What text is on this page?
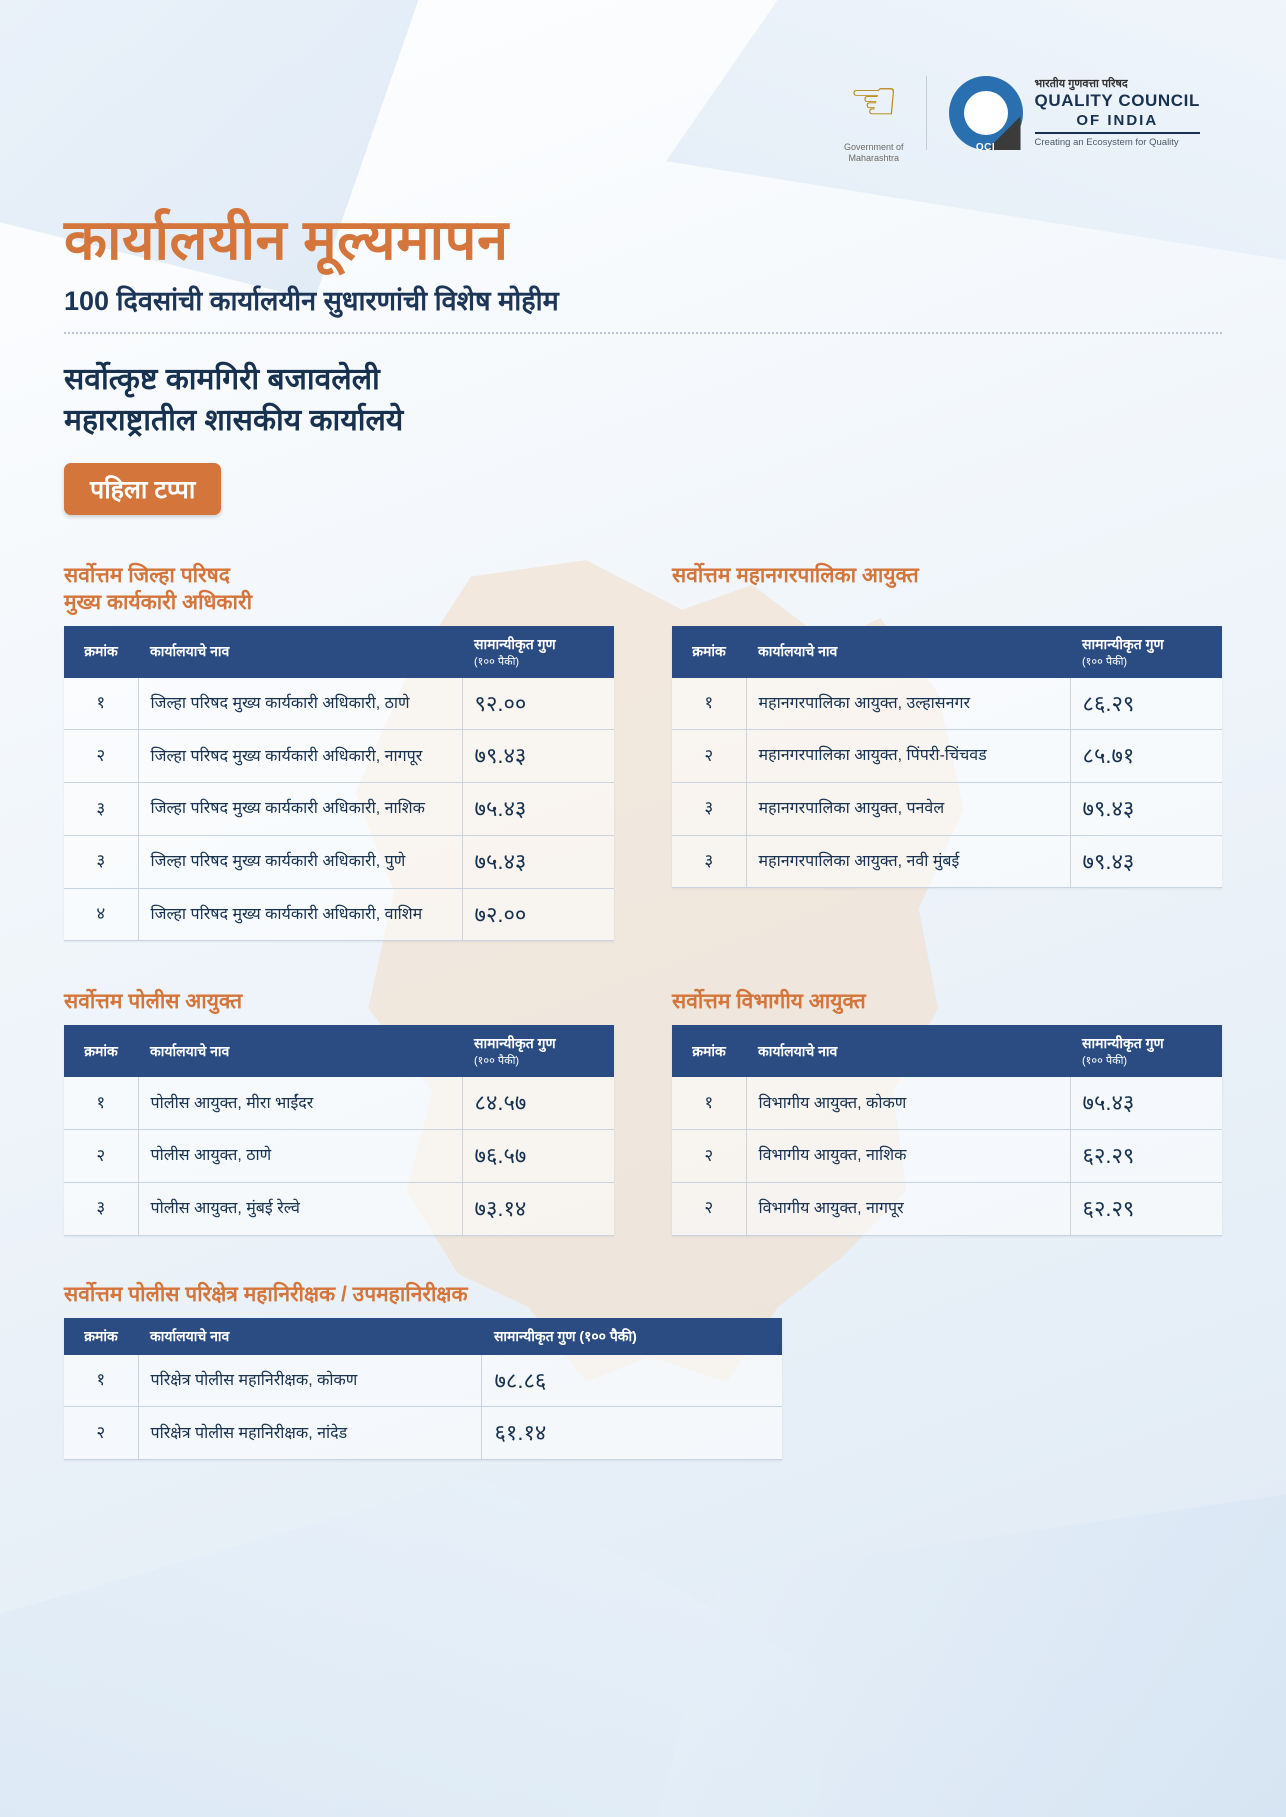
☜
Government of
Maharashtra
QCI
भारतीय गुणवत्ता परिषद
QUALITY COUNCIL
OF INDIA
Creating an Ecosystem for Quality
कार्यालयीन मूल्यमापन
100 दिवसांची कार्यालयीन सुधारणांची विशेष मोहीम
सर्वोत्कृष्ट कामगिरी बजावलेली
महाराष्ट्रातील शासकीय कार्यालये
पहिला टप्पा
सर्वोत्तम जिल्हा परिषद
मुख्य कार्यकारी अधिकारी
क्रमांक	कार्यालयाचे नाव	सामान्यीकृत गुण
(१०० पैकी)

१	जिल्हा परिषद मुख्य कार्यकारी अधिकारी, ठाणे	९२.००
२	जिल्हा परिषद मुख्य कार्यकारी अधिकारी, नागपूर	७९.४३
३	जिल्हा परिषद मुख्य कार्यकारी अधिकारी, नाशिक	७५.४३
३	जिल्हा परिषद मुख्य कार्यकारी अधिकारी, पुणे	७५.४३
४	जिल्हा परिषद मुख्य कार्यकारी अधिकारी, वाशिम	७२.००
सर्वोत्तम महानगरपालिका आयुक्त
क्रमांक	कार्यालयाचे नाव	सामान्यीकृत गुण
(१०० पैकी)

१	महानगरपालिका आयुक्त, उल्हासनगर	८६.२९
२	महानगरपालिका आयुक्त, पिंपरी-चिंचवड	८५.७१
३	महानगरपालिका आयुक्त, पनवेल	७९.४३
३	महानगरपालिका आयुक्त, नवी मुंबई	७९.४३
सर्वोत्तम पोलीस आयुक्त
क्रमांक	कार्यालयाचे नाव	सामान्यीकृत गुण
(१०० पैकी)

१	पोलीस आयुक्त, मीरा भाईंदर	८४.५७
२	पोलीस आयुक्त, ठाणे	७६.५७
३	पोलीस आयुक्त, मुंबई रेल्वे	७३.१४
सर्वोत्तम विभागीय आयुक्त
क्रमांक	कार्यालयाचे नाव	सामान्यीकृत गुण
(१०० पैकी)

१	विभागीय आयुक्त, कोकण	७५.४३
२	विभागीय आयुक्त, नाशिक	६२.२९
२	विभागीय आयुक्त, नागपूर	६२.२९
सर्वोत्तम पोलीस परिक्षेत्र महानिरीक्षक / उपमहानिरीक्षक
क्रमांक	कार्यालयाचे नाव	सामान्यीकृत गुण (१०० पैकी)
१	परिक्षेत्र पोलीस महानिरीक्षक, कोकण	७८.८६
२	परिक्षेत्र पोलीस महानिरीक्षक, नांदेड	६१.१४
